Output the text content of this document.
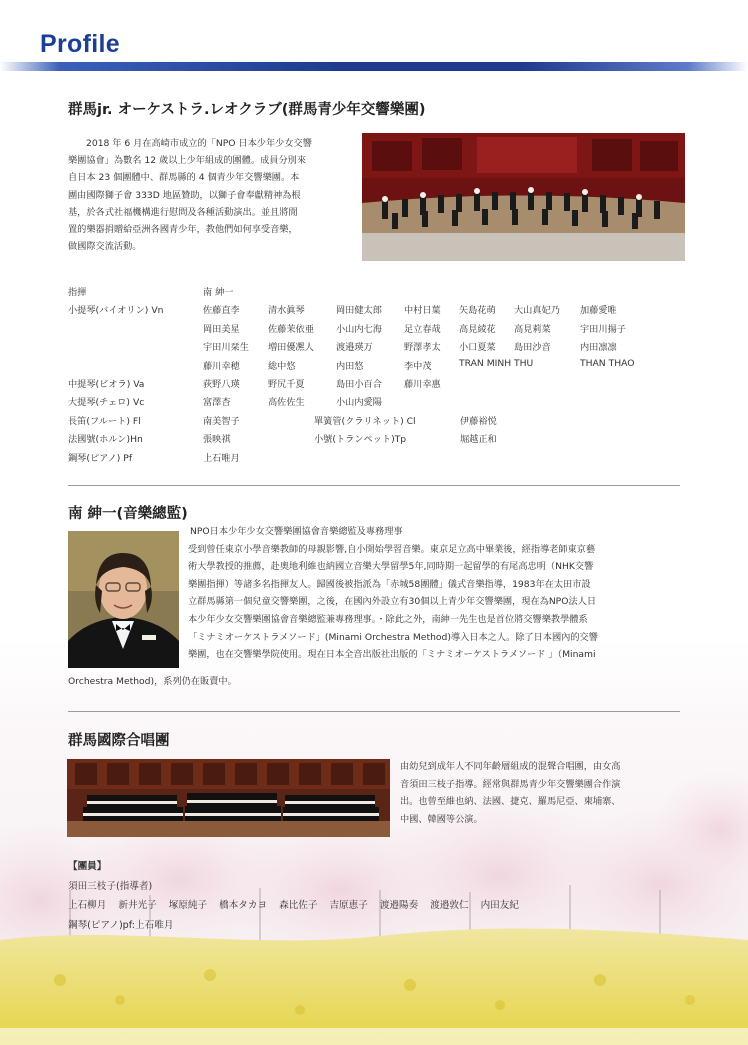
Profile
群馬jr. オーケストラ.レオクラブ(群馬青少年交響樂團)
2018 年 6 月在高崎市成立的「NPO 日本少年少女交響
樂團協會」為數名 12 歲以上少年組成的團體。成員分別來
自日本 23 個團體中、群馬縣的 4 個青少年交響樂團。本
團由國際獅子會 333D 地區贊助，以獅子會奉獻精神為根
基，於各式社福機構進行慰問及各種活動演出。並且將閒
置的樂器捐贈給亞洲各國青少年，教他們如何享受音樂，
做國際交流活動。
指揮	南 紳一
小提琴(バイオリン) Vn	佐藤直李	清水眞琴	岡田健太郎 中村日葉 矢島花萌 大山真妃乃 加藤愛唯
岡田美星	佐藤茉依亜 小山内七海 足立春哉 高見綾花 高見莉菜	宇田川揚子
宇田川栞生 増田優凞人 渡邉瑛万	野澤孝太 小口夏菜 島田沙音	内田凛凛
藤川幸穂	総中悠	内田悠	李中茂	TRAN MINH THU	THAN THAO
中提琴(ビオラ) Va	荻野八瑛	野尻千夏	島田小百合 藤川幸惠
大提琴(チェロ) Vc	富澤杏	高佐佐生	小山内愛陽
長笛(フルート) Fl	南美智子	單簧管(クラリネット) Cl	伊藤裕悦
法國號(ホルン)Hn	張映祺	小號(トランペット)Tp	堀越正和
鋼琴(ピアノ) Pf	上石唯月
南 紳一(音樂總監)
NPO日本少年少女交響樂團協會音樂總監及專務理事
受到曾任東京小學音樂教師的母親影響,自小開始學習音樂。東京足立高中畢業後，經指導老師東京藝
術大學教授的推薦，赴奧地利維也納國立音樂大學留學5年,同時期一起留學的有尾高忠明（NHK交響
樂團指揮）等諸多名指揮友人。歸國後被指派為「赤城58團體」儀式音樂指導，1983年在太田市設
立群馬縣第一個兒童交響樂團，之後，在國內外設立有30個以上青少年交響樂團，現在為NPO法人日
本少年少女交響樂團協會音樂總監兼專務理事。・除此之外，南紳一先生也是首位將交響樂教學體系
「ミナミオーケストラメソード」(Minami Orchestra Method)導入日本之人。除了日本國內的交響
樂團，也在交響樂學院使用。現在日本全音出版社出版的「ミナミオーケストラメソード 」（Minami
Orchestra Method)，系列仍在販賣中。
群馬國際合唱團
由幼兒到成年人不同年齡層組成的混聲合唱團，由女高
音須田三枝子指導。經常與群馬青少年交響樂團合作演
出。也曾至維也納、法國、捷克、羅馬尼亞、柬埔寨、
中國、韓國等公演。
【團員】
須田三枝子(指導者)
上石柳月 新井光子 塚原純子 橋本タカヨ 森比佐子 吉原恵子 渡邉陽奏 渡邉敦仁 内田友紀
鋼琴(ピアノ)pf:上石唯月
